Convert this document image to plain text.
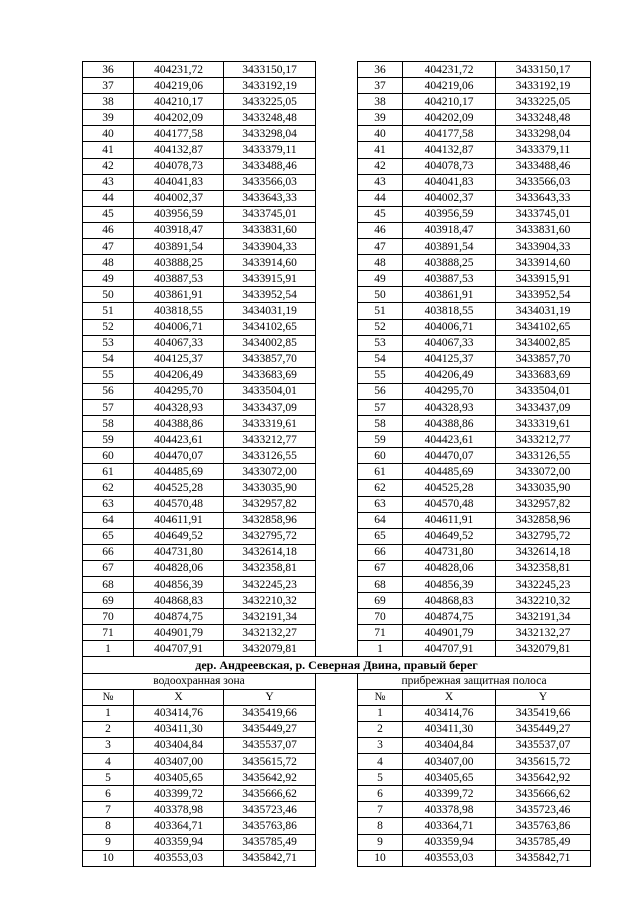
36	404231,72	3433150,17		36	404231,72	3433150,17
37	404219,06	3433192,19		37	404219,06	3433192,19
38	404210,17	3433225,05		38	404210,17	3433225,05
39	404202,09	3433248,48		39	404202,09	3433248,48
40	404177,58	3433298,04		40	404177,58	3433298,04
41	404132,87	3433379,11		41	404132,87	3433379,11
42	404078,73	3433488,46		42	404078,73	3433488,46
43	404041,83	3433566,03		43	404041,83	3433566,03
44	404002,37	3433643,33		44	404002,37	3433643,33
45	403956,59	3433745,01		45	403956,59	3433745,01
46	403918,47	3433831,60		46	403918,47	3433831,60
47	403891,54	3433904,33		47	403891,54	3433904,33
48	403888,25	3433914,60		48	403888,25	3433914,60
49	403887,53	3433915,91		49	403887,53	3433915,91
50	403861,91	3433952,54		50	403861,91	3433952,54
51	403818,55	3434031,19		51	403818,55	3434031,19
52	404006,71	3434102,65		52	404006,71	3434102,65
53	404067,33	3434002,85		53	404067,33	3434002,85
54	404125,37	3433857,70		54	404125,37	3433857,70
55	404206,49	3433683,69		55	404206,49	3433683,69
56	404295,70	3433504,01		56	404295,70	3433504,01
57	404328,93	3433437,09		57	404328,93	3433437,09
58	404388,86	3433319,61		58	404388,86	3433319,61
59	404423,61	3433212,77		59	404423,61	3433212,77
60	404470,07	3433126,55		60	404470,07	3433126,55
61	404485,69	3433072,00		61	404485,69	3433072,00
62	404525,28	3433035,90		62	404525,28	3433035,90
63	404570,48	3432957,82		63	404570,48	3432957,82
64	404611,91	3432858,96		64	404611,91	3432858,96
65	404649,52	3432795,72		65	404649,52	3432795,72
66	404731,80	3432614,18		66	404731,80	3432614,18
67	404828,06	3432358,81		67	404828,06	3432358,81
68	404856,39	3432245,23		68	404856,39	3432245,23
69	404868,83	3432210,32		69	404868,83	3432210,32
70	404874,75	3432191,34		70	404874,75	3432191,34
71	404901,79	3432132,27		71	404901,79	3432132,27
1	404707,91	3432079,81		1	404707,91	3432079,81
дер. Андреевская, р. Северная Двина, правый берег						
водоохранная зона				прибрежная защитная полоса		
№	X	Y		№	X	Y
1	403414,76	3435419,66		1	403414,76	3435419,66
2	403411,30	3435449,27		2	403411,30	3435449,27
3	403404,84	3435537,07		3	403404,84	3435537,07
4	403407,00	3435615,72		4	403407,00	3435615,72
5	403405,65	3435642,92		5	403405,65	3435642,92
6	403399,72	3435666,62		6	403399,72	3435666,62
7	403378,98	3435723,46		7	403378,98	3435723,46
8	403364,71	3435763,86		8	403364,71	3435763,86
9	403359,94	3435785,49		9	403359,94	3435785,49
10	403553,03	3435842,71		10	403553,03	3435842,71
